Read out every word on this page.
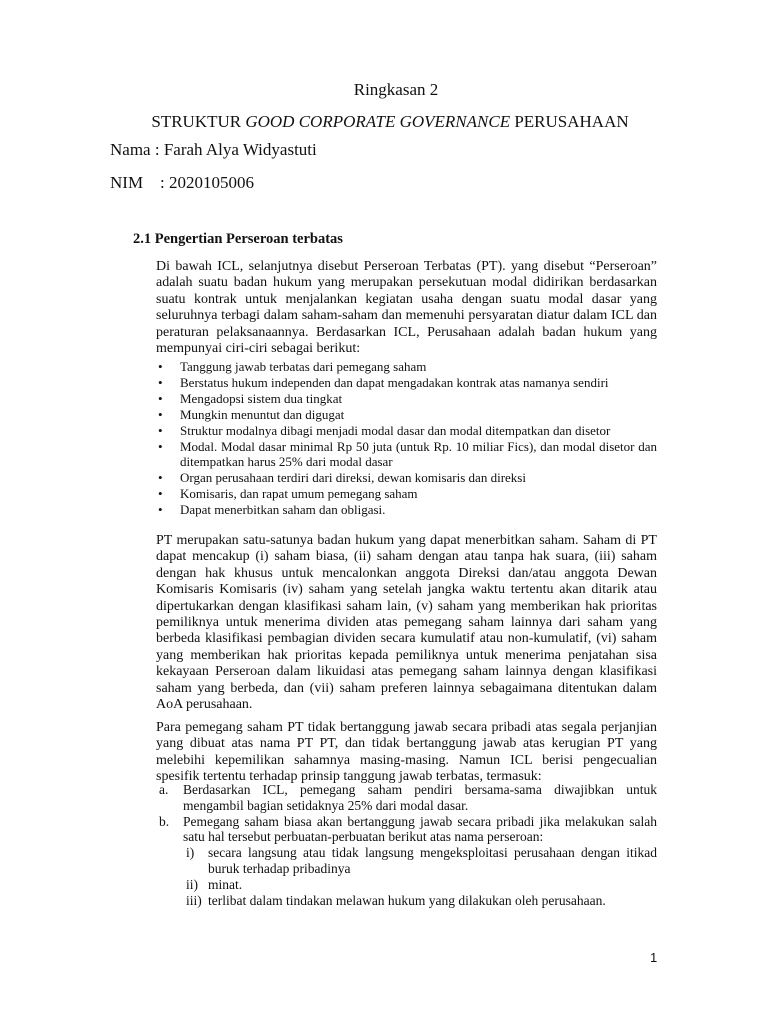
Ringkasan 2
STRUKTUR GOOD CORPORATE GOVERNANCE PERUSAHAAN
Nama : Farah Alya Widyastuti
NIM    : 2020105006
2.1 Pengertian Perseroan terbatas
Di bawah ICL, selanjutnya disebut Perseroan Terbatas (PT). yang disebut “Perseroan” adalah suatu badan hukum yang merupakan persekutuan modal didirikan berdasarkan suatu kontrak untuk menjalankan kegiatan usaha dengan suatu modal dasar yang seluruhnya terbagi dalam saham-saham dan memenuhi persyaratan diatur dalam ICL dan peraturan pelaksanaannya. Berdasarkan ICL, Perusahaan adalah badan hukum yang mempunyai ciri-ciri sebagai berikut:
• Tanggung jawab terbatas dari pemegang saham
• Berstatus hukum independen dan dapat mengadakan kontrak atas namanya sendiri
• Mengadopsi sistem dua tingkat
• Mungkin menuntut dan digugat
• Struktur modalnya dibagi menjadi modal dasar dan modal ditempatkan dan disetor
• Modal. Modal dasar minimal Rp 50 juta (untuk Rp. 10 miliar Fics), dan modal disetor dan ditempatkan harus 25% dari modal dasar
• Organ perusahaan terdiri dari direksi, dewan komisaris dan direksi
• Komisaris, dan rapat umum pemegang saham
• Dapat menerbitkan saham dan obligasi.
PT merupakan satu-satunya badan hukum yang dapat menerbitkan saham. Saham di PT dapat mencakup (i) saham biasa, (ii) saham dengan atau tanpa hak suara, (iii) saham dengan hak khusus untuk mencalonkan anggota Direksi dan/atau anggota Dewan Komisaris Komisaris (iv) saham yang setelah jangka waktu tertentu akan ditarik atau dipertukarkan dengan klasifikasi saham lain, (v) saham yang memberikan hak prioritas pemiliknya untuk menerima dividen atas pemegang saham lainnya dari saham yang berbeda klasifikasi pembagian dividen secara kumulatif atau non-kumulatif, (vi) saham yang memberikan hak prioritas kepada pemiliknya untuk menerima penjatahan sisa kekayaan Perseroan dalam likuidasi atas pemegang saham lainnya dengan klasifikasi saham yang berbeda, dan (vii) saham preferen lainnya sebagaimana ditentukan dalam AoA perusahaan.
Para pemegang saham PT tidak bertanggung jawab secara pribadi atas segala perjanjian yang dibuat atas nama PT PT, dan tidak bertanggung jawab atas kerugian PT yang melebihi kepemilikan sahamnya masing-masing. Namun ICL berisi pengecualian spesifik tertentu terhadap prinsip tanggung jawab terbatas, termasuk:
a. Berdasarkan ICL, pemegang saham pendiri bersama-sama diwajibkan untuk mengambil bagian setidaknya 25% dari modal dasar.
b. Pemegang saham biasa akan bertanggung jawab secara pribadi jika melakukan salah satu hal tersebut perbuatan-perbuatan berikut atas nama perseroan:
i) secara langsung atau tidak langsung mengeksploitasi perusahaan dengan itikad buruk terhadap pribadinya
ii) minat.
iii) terlibat dalam tindakan melawan hukum yang dilakukan oleh perusahaan.
1
